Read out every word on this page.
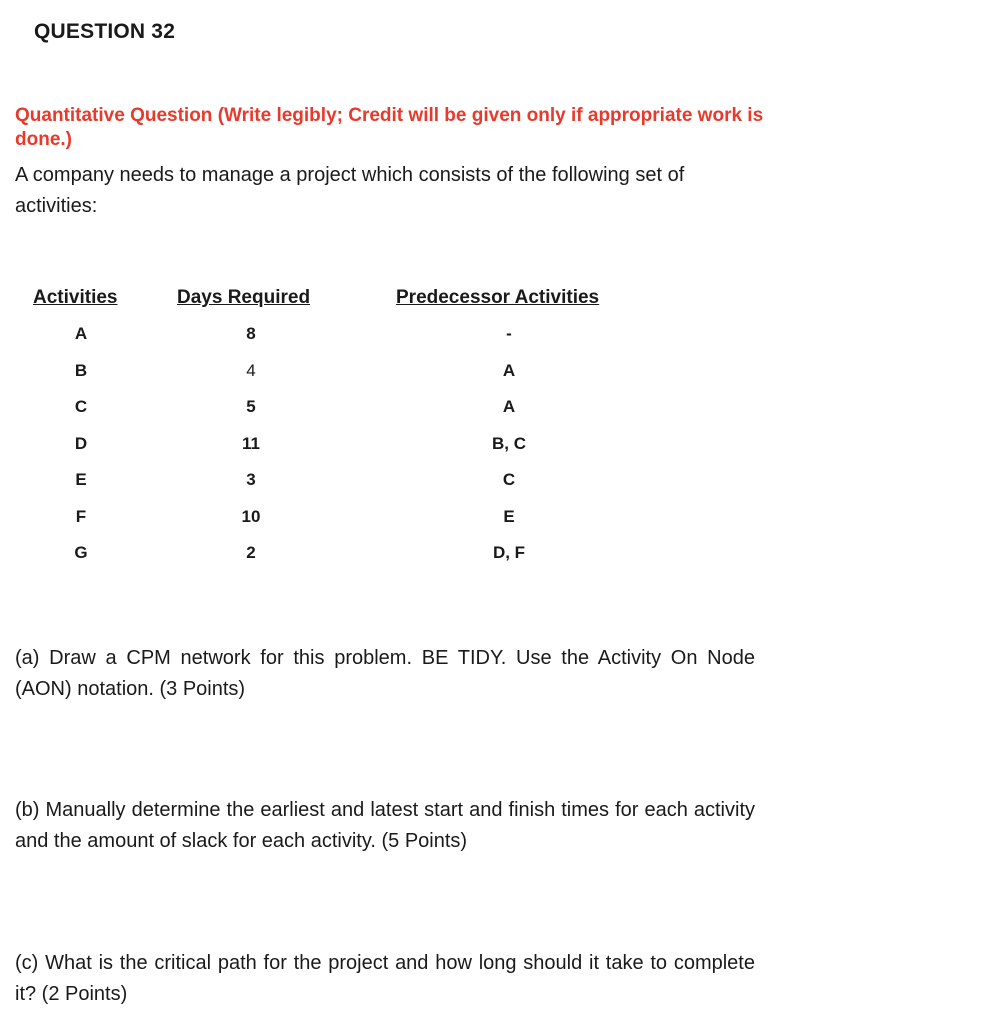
QUESTION 32
Quantitative Question (Write legibly; Credit will be given only if appropriate work is done.)
A company needs to manage a project which consists of the following set of activities:
Activities	Days Required	Predecessor Activities
A	8	-
B	4	A
C	5	A
D	11	B, C
E	3	C
F	10	E
G	2	D, F
(a) Draw a CPM network for this problem. BE TIDY. Use the Activity On Node (AON) notation. (3 Points)
(b) Manually determine the earliest and latest start and finish times for each activity and the amount of slack for each activity. (5 Points)
(c) What is the critical path for the project and how long should it take to complete it? (2 Points)
